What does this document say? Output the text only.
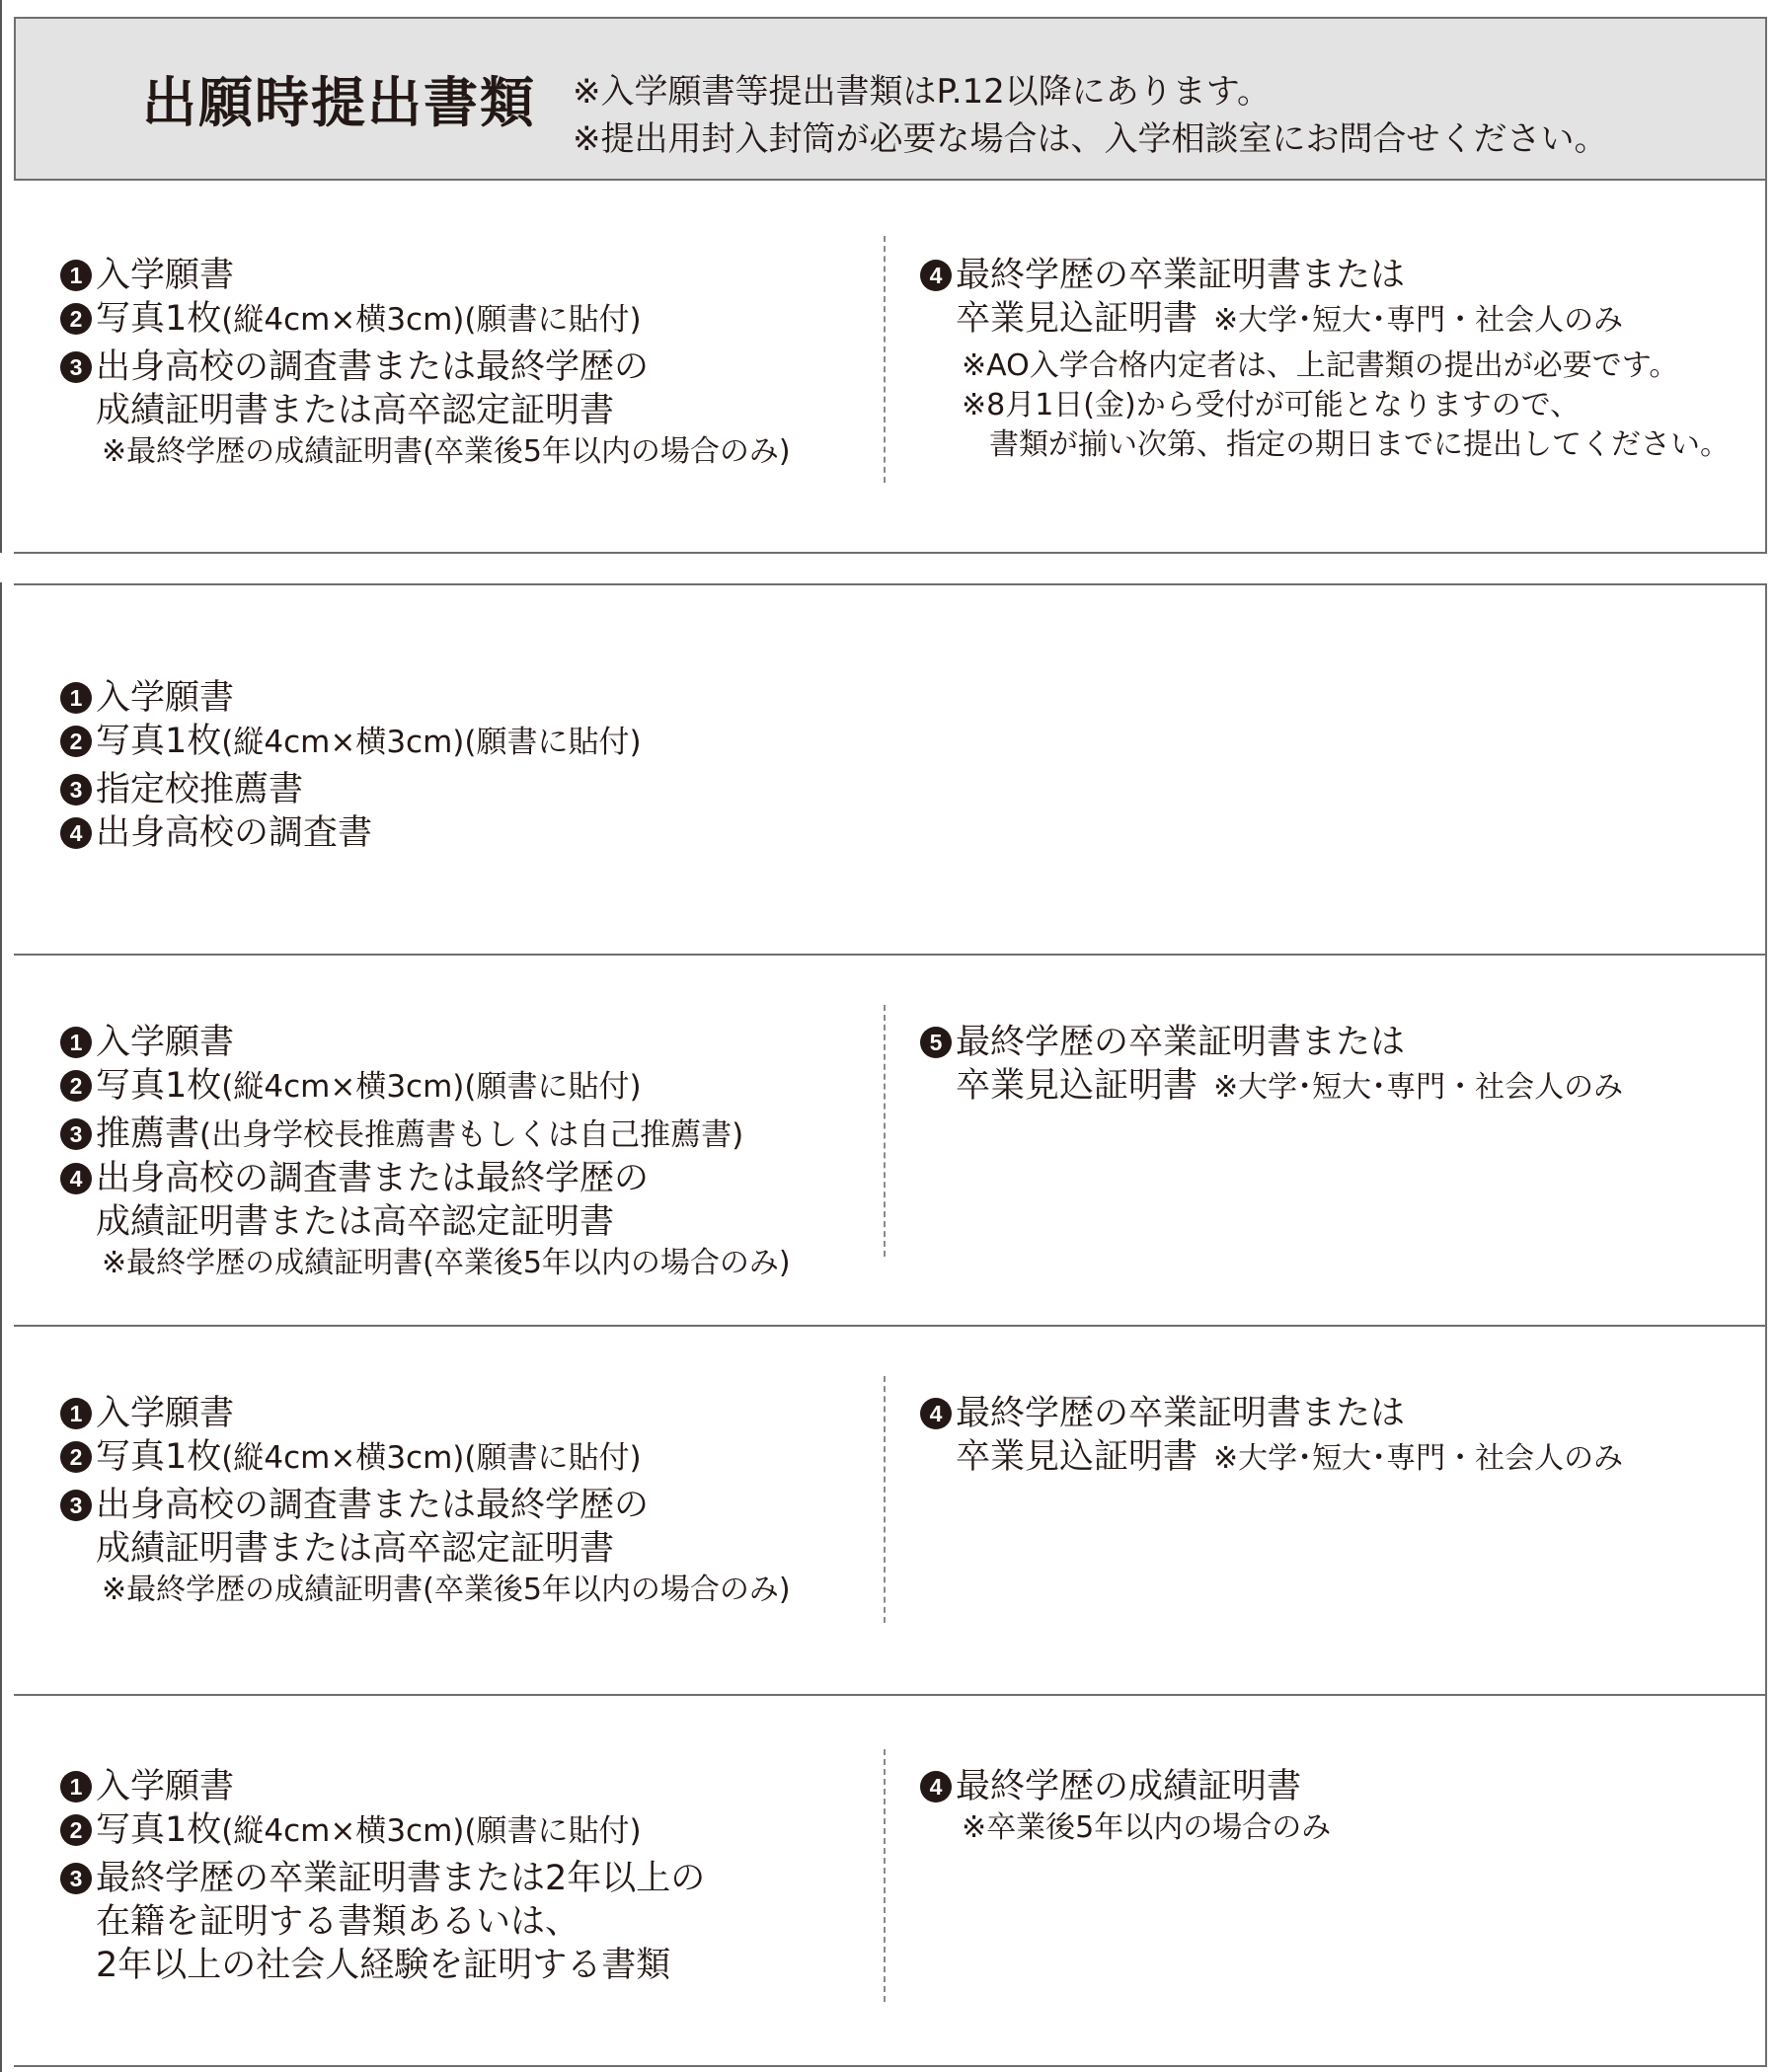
出願時提出書類 ※入学願書等提出書類はP.12以降にあります。
※提出用封入封筒が必要な場合は、入学相談室にお問合せください。
1 入学願書
2 写真1枚(縦4cm×横3cm)(願書に貼付)
3 出身高校の調査書または最終学歴の
成績証明書または高卒認定証明書
※最終学歴の成績証明書(卒業後5年以内の場合のみ)
4 最終学歴の卒業証明書または
卒業見込証明書 ※大学･短大･専門・社会人のみ
※AO入学合格内定者は、上記書類の提出が必要です。
※8月1日(金)から受付が可能となりますので、
書類が揃い次第、指定の期日までに提出してください。
1 入学願書
2 写真1枚(縦4cm×横3cm)(願書に貼付)
3 指定校推薦書
4 出身高校の調査書
1 入学願書
2 写真1枚(縦4cm×横3cm)(願書に貼付)
3 推薦書(出身学校長推薦書もしくは自己推薦書)
4 出身高校の調査書または最終学歴の
成績証明書または高卒認定証明書
※最終学歴の成績証明書(卒業後5年以内の場合のみ)
5 最終学歴の卒業証明書または
卒業見込証明書 ※大学･短大･専門・社会人のみ
1 入学願書
2 写真1枚(縦4cm×横3cm)(願書に貼付)
3 出身高校の調査書または最終学歴の
成績証明書または高卒認定証明書
※最終学歴の成績証明書(卒業後5年以内の場合のみ)
4 最終学歴の卒業証明書または
卒業見込証明書 ※大学･短大･専門・社会人のみ
1 入学願書
2 写真1枚(縦4cm×横3cm)(願書に貼付)
3 最終学歴の卒業証明書または2年以上の
在籍を証明する書類あるいは、
2年以上の社会人経験を証明する書類
4 最終学歴の成績証明書
※卒業後5年以内の場合のみ
